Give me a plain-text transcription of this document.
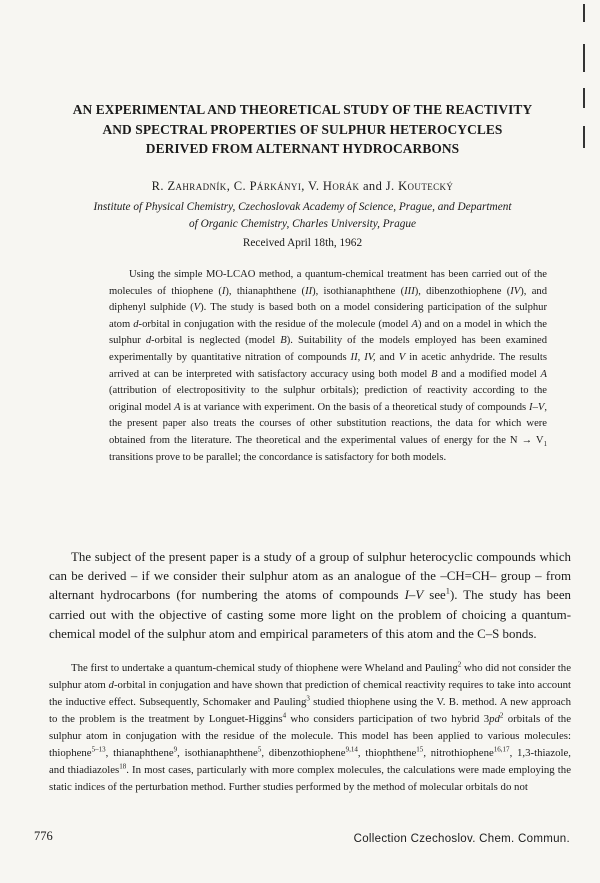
AN EXPERIMENTAL AND THEORETICAL STUDY OF THE REACTIVITY
AND SPECTRAL PROPERTIES OF SULPHUR HETEROCYCLES
DERIVED FROM ALTERNANT HYDROCARBONS
R. Zahradník, C. Párkányi, V. Horák and J. Koutecký
Institute of Physical Chemistry, Czechoslovak Academy of Science, Prague, and Department
of Organic Chemistry, Charles University, Prague
Received April 18th, 1962

Using the simple MO-LCAO method, a quantum-chemical treatment has been carried out of the molecules of thiophene (I), thianaphthene (II), isothianaphthene (III), dibenzothiophene (IV), and diphenyl sulphide (V). The study is based both on a model considering participation of the sulphur atom d-orbital in conjugation with the residue of the molecule (model A) and on a model in which the sulphur d-orbital is neglected (model B). Suitability of the models employed has been examined experimentally by quantitative nitration of compounds II, IV, and V in acetic anhydride. The results arrived at can be interpreted with satisfactory accuracy using both model B and a modified model A (attribution of electropositivity to the sulphur orbitals); prediction of reactivity according to the original model A is at variance with experiment. On the basis of a theoretical study of compounds I–V, the present paper also treats the courses of other substitution reactions, the data for which were obtained from the literature. The theoretical and the experimental values of energy for the $N \to V_1$ transitions prove to be parallel; the concordance is satisfactory for both models.

The subject of the present paper is a study of a group of sulphur heterocyclic compounds which can be derived – if we consider their sulphur atom as an analogue of the –CH=CH– group – from alternant hydrocarbons (for numbering the atoms of compounds I–V see$^1$). The study has been carried out with the objective of casting some more light on the problem of choicing a quantum-chemical model of the sulphur atom and empirical parameters of this atom and the C–S bonds.

The first to undertake a quantum-chemical study of thiophene were Wheland and Pauling$^2$ who did not consider the sulphur atom d-orbital in conjugation and have shown that prediction of chemical reactivity requires to take into account the inductive effect. Subsequently, Schomaker and Pauling$^3$ studied thiophene using the V. B. method. A new approach to the problem is the treatment by Longuet-Higgins$^4$ who considers participation of two hybrid $3pd^2$ orbitals of the sulphur atom in conjugation with the residue of the molecule. This model has been applied to various molecules: thiophene$^{5-13}$, thianaphthene$^9$, isothianaphthene$^5$, dibenzothiophene$^{9,14}$, thiophthene$^{15}$, nitrothiophene$^{16,17}$, 1,3-thiazole, and thiadiazoles$^{18}$. In most cases, particularly with more complex molecules, the calculations were made employing the static indices of the perturbation method. Further studies performed by the method of molecular orbitals do not

776	Collection Czechoslov. Chem. Commun.
